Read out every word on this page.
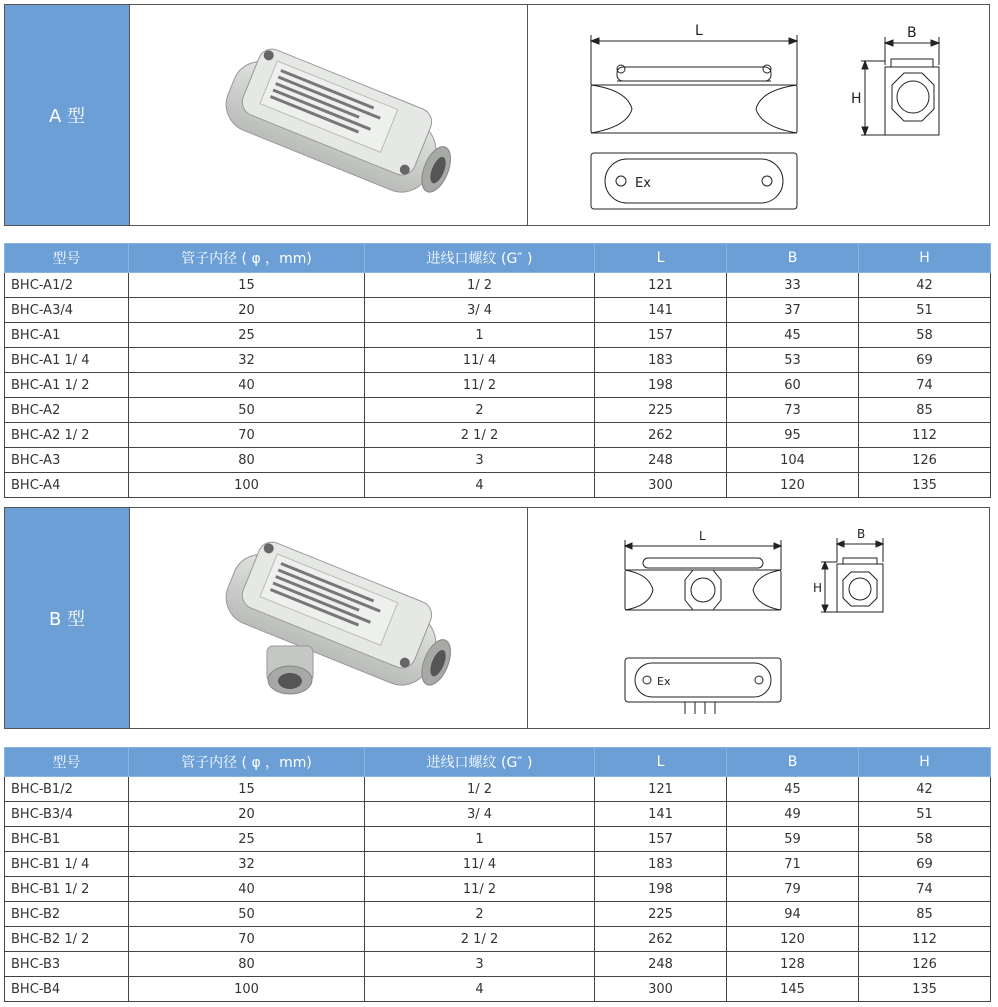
A 型
L	B
H
Ex
型号	管子内径 ( φ ，mm)	进线口螺纹 (G″ )	L	B	H
BHC-A1/2	15	1/ 2	121	33	42
BHC-A3/4	20	3/ 4	141	37	51
BHC-A1	25	1	157	45	58
BHC-A1 1/ 4	32	11/ 4	183	53	69
BHC-A1 1/ 2	40	11/ 2	198	60	74
BHC-A2	50	2	225	73	85
BHC-A2 1/ 2	70	2 1/ 2	262	95	112
BHC-A3	80	3	248	104	126
BHC-A4	100	4	300	120	135
B 型
L	B
H
Ex
型号	管子内径 ( φ ，mm)	进线口螺纹 (G″ )	L	B	H
BHC-B1/2	15	1/ 2	121	45	42
BHC-B3/4	20	3/ 4	141	49	51
BHC-B1	25	1	157	59	58
BHC-B1 1/ 4	32	11/ 4	183	71	69
BHC-B1 1/ 2	40	11/ 2	198	79	74
BHC-B2	50	2	225	94	85
BHC-B2 1/ 2	70	2 1/ 2	262	120	112
BHC-B3	80	3	248	128	126
BHC-B4	100	4	300	145	135
